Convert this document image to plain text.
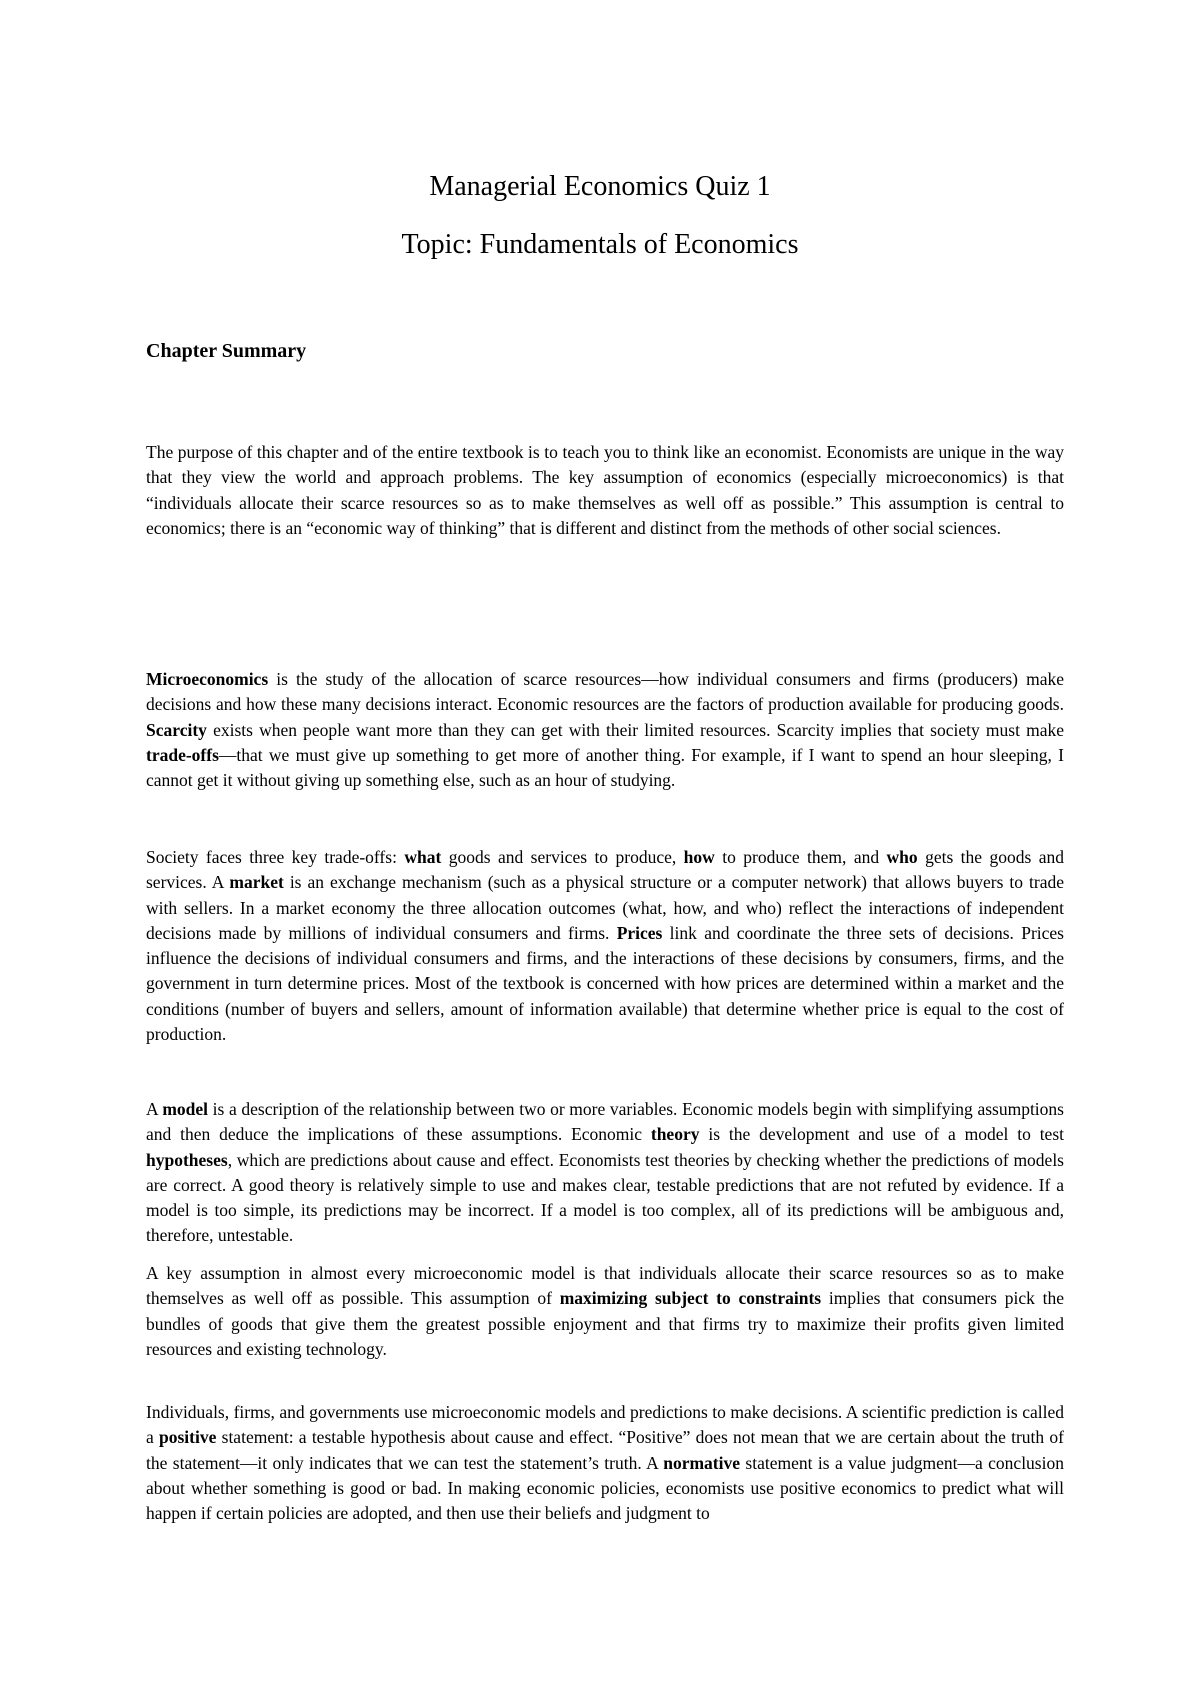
Managerial Economics Quiz 1
Topic: Fundamentals of Economics
Chapter Summary

The purpose of this chapter and of the entire textbook is to teach you to think like an economist. Economists are unique in the way that they view the world and approach problems. The key assumption of economics (especially microeconomics) is that “individuals allocate their scarce resources so as to make themselves as well off as possible.” This assumption is central to economics; there is an “economic way of thinking” that is different and distinct from the methods of other social sciences.

Microeconomics is the study of the allocation of scarce resources—how individual consumers and firms (producers) make decisions and how these many decisions interact. Economic resources are the factors of production available for producing goods. Scarcity exists when people want more than they can get with their limited resources. Scarcity implies that society must make trade-offs—that we must give up something to get more of another thing. For example, if I want to spend an hour sleeping, I cannot get it without giving up something else, such as an hour of studying.

Society faces three key trade-offs: what goods and services to produce, how to produce them, and who gets the goods and services. A market is an exchange mechanism (such as a physical structure or a computer network) that allows buyers to trade with sellers. In a market economy the three allocation outcomes (what, how, and who) reflect the interactions of independent decisions made by millions of individual consumers and firms. Prices link and coordinate the three sets of decisions. Prices influence the decisions of individual consumers and firms, and the interactions of these decisions by consumers, firms, and the government in turn determine prices. Most of the textbook is concerned with how prices are determined within a market and the conditions (number of buyers and sellers, amount of information available) that determine whether price is equal to the cost of production.

A model is a description of the relationship between two or more variables. Economic models begin with simplifying assumptions and then deduce the implications of these assumptions. Economic theory is the development and use of a model to test hypotheses, which are predictions about cause and effect. Economists test theories by checking whether the predictions of models are correct. A good theory is relatively simple to use and makes clear, testable predictions that are not refuted by evidence. If a model is too simple, its predictions may be incorrect. If a model is too complex, all of its predictions will be ambiguous and, therefore, untestable.

A key assumption in almost every microeconomic model is that individuals allocate their scarce resources so as to make themselves as well off as possible. This assumption of maximizing subject to constraints implies that consumers pick the bundles of goods that give them the greatest possible enjoyment and that firms try to maximize their profits given limited resources and existing technology.

Individuals, firms, and governments use microeconomic models and predictions to make decisions. A scientific prediction is called a positive statement: a testable hypothesis about cause and effect. “Positive” does not mean that we are certain about the truth of the statement—it only indicates that we can test the statement’s truth. A normative statement is a value judgment—a conclusion about whether something is good or bad. In making economic policies, economists use positive economics to predict what will happen if certain policies are adopted, and then use their beliefs and judgment to
